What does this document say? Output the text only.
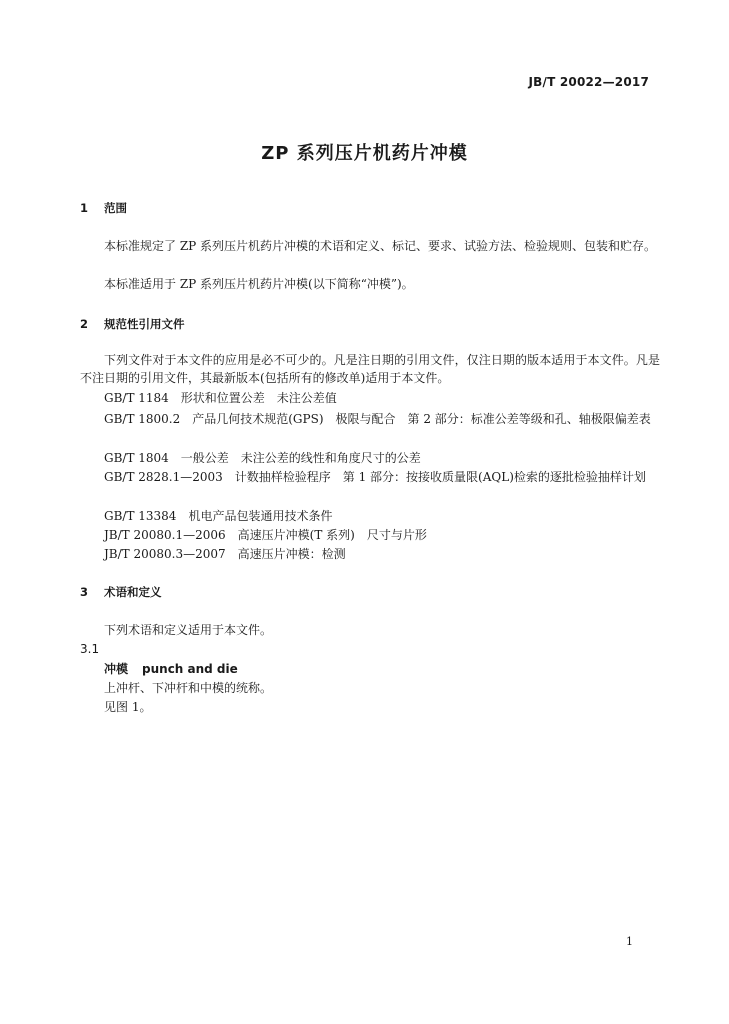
JB/T 20022—2017
ZP 系列压片机药片冲模
1 范围
本标准规定了 ZP 系列压片机药片冲模的术语和定义、标记、要求、试验方法、检验规则、包装和贮存。
本标准适用于 ZP 系列压片机药片冲模(以下简称“冲模”)。
2 规范性引用文件
下列文件对于本文件的应用是必不可少的。凡是注日期的引用文件，仅注日期的版本适用于本文件。凡是不注日期的引用文件，其最新版本(包括所有的修改单)适用于本文件。
GB/T 1184　形状和位置公差　未注公差值
GB/T 1800.2　产品几何技术规范(GPS)　极限与配合　第 2 部分：标准公差等级和孔、轴极限偏差表
GB/T 1804　一般公差　未注公差的线性和角度尺寸的公差
GB/T 2828.1—2003　计数抽样检验程序　第 1 部分：按接收质量限(AQL)检索的逐批检验抽样计划
GB/T 13384　机电产品包装通用技术条件
JB/T 20080.1—2006　高速压片冲模(T 系列)　尺寸与片形
JB/T 20080.3—2007　高速压片冲模：检测
3 术语和定义
下列术语和定义适用于本文件。
3.1
冲模 punch and die
上冲杆、下冲杆和中模的统称。
见图 1。
1
